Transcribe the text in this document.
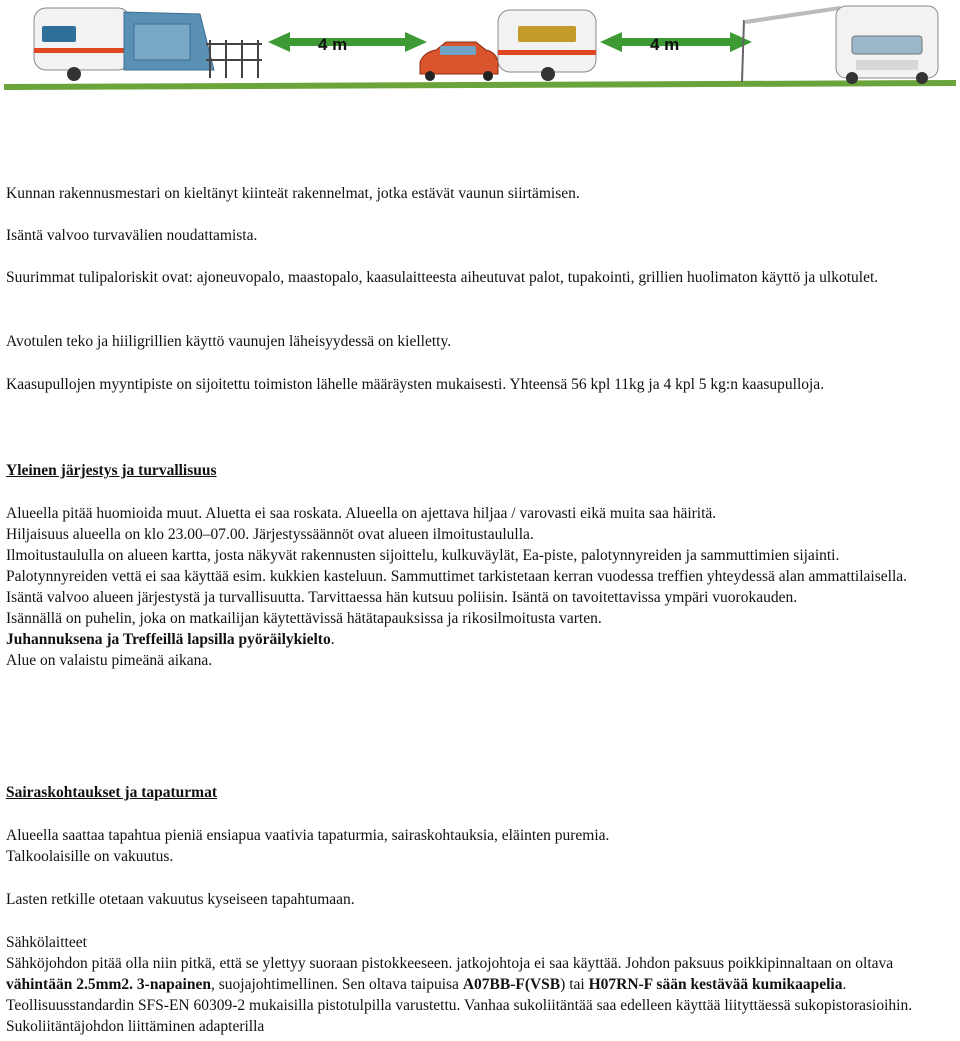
4 m	4 m

Kunnan rakennusmestari on kieltänyt kiinteät rakennelmat, jotka estävät vaunun siirtämisen.

Isäntä valvoo turvavälien noudattamista.

Suurimmat tulipaloriskit ovat: ajoneuvopalo, maastopalo, kaasulaitteesta aiheutuvat palot, tupakointi, grillien huolimaton käyttö ja ulkotulet.

Avotulen teko ja hiiligrillien käyttö vaunujen läheisyydessä on kielletty.

Kaasupullojen myyntipiste on sijoitettu toimiston lähelle määräysten mukaisesti. Yhteensä 56 kpl 11kg ja 4 kpl 5 kg:n kaasupulloja.

Yleinen järjestys ja turvallisuus
Alueella pitää huomioida muut. Aluetta ei saa roskata. Alueella on ajettava hiljaa / varovasti eikä muita saa häiritä.
Hiljaisuus alueella on klo 23.00–07.00. Järjestyssäännöt ovat alueen ilmoitustaululla.
Ilmoitustaululla on alueen kartta, josta näkyvät rakennusten sijoittelu, kulkuväylät, Ea-piste, palotynnyreiden ja sammuttimien sijainti.
Palotynnyreiden vettä ei saa käyttää esim. kukkien kasteluun. Sammuttimet tarkistetaan kerran vuodessa treffien yhteydessä alan ammattilaisella.
Isäntä valvoo alueen järjestystä ja turvallisuutta. Tarvittaessa hän kutsuu poliisin. Isäntä on tavoitettavissa ympäri vuorokauden.
Isännällä on puhelin, joka on matkailijan käytettävissä hätätapauksissa ja rikosilmoitusta varten.
Juhannuksena ja Treffeillä lapsilla pyöräilykielto.
Alue on valaistu pimeänä aikana.
Sairaskohtaukset ja tapaturmat
Alueella saattaa tapahtua pieniä ensiapua vaativia tapaturmia, sairaskohtauksia, eläinten puremia.
Talkoolaisille on vakuutus.

Lasten retkille otetaan vakuutus kyseiseen tapahtumaan.

Sähkölaitteet

Sähköjohdon pitää olla niin pitkä, että se ylettyy suoraan pistokkeeseen. jatkojohtoja ei saa käyttää. Johdon paksuus poikkipinnaltaan on oltava vähintään 2.5mm2. 3-napainen, suojajohtimellinen. Sen oltava taipuisa A07BB-F(VSB) tai H07RN-F sään kestävää kumikaapelia. Teollisuusstandardin SFS-EN 60309-2 mukaisilla pistotulpilla varustettu. Vanhaa sukoliitäntää saa edelleen käyttää liityttäessä sukopistorasioihin. Sukoliitäntäjohdon liittäminen adapterilla
